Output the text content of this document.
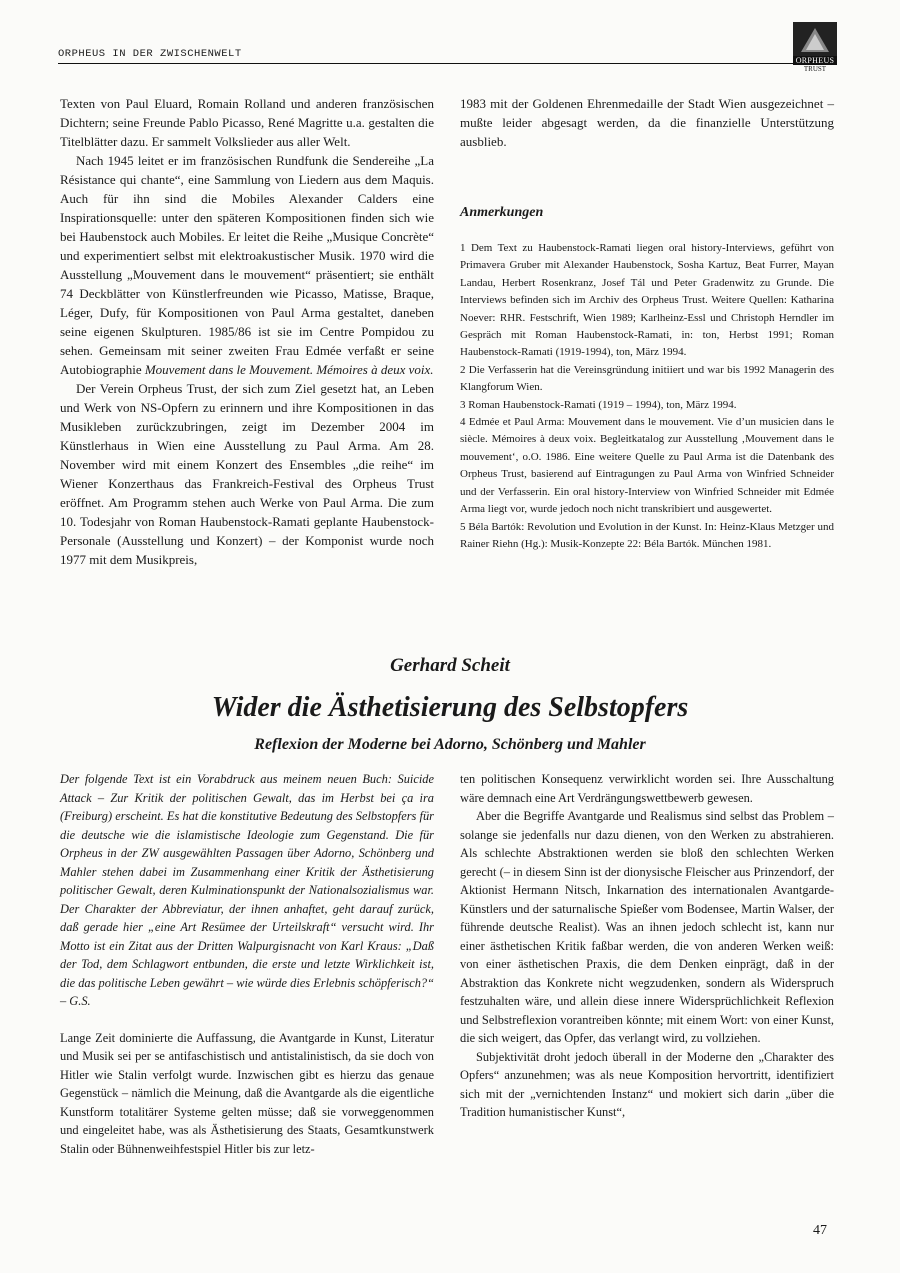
ORPHEUS IN DER ZWISCHENWELT
ORPHEUS
TRUST

Texten von Paul Eluard, Romain Rolland und anderen französischen Dichtern; seine Freunde Pablo Picasso, René Magritte u.a. gestalten die Titelblätter dazu. Er sammelt Volkslieder aus aller Welt.

Nach 1945 leitet er im französischen Rundfunk die Sendereihe „La Résistance qui chante“, eine Sammlung von Liedern aus dem Maquis. Auch für ihn sind die Mobiles Alexander Calders eine Inspirationsquelle: unter den späteren Kompositionen finden sich wie bei Haubenstock auch Mobiles. Er leitet die Reihe „Musique Concrète“ und experimentiert selbst mit elektroakustischer Musik. 1970 wird die Ausstellung „Mouvement dans le mouvement“ präsentiert; sie enthält 74 Deckblätter von Künstlerfreunden wie Picasso, Matisse, Braque, Léger, Dufy, für Kompositionen von Paul Arma gestaltet, daneben seine eigenen Skulpturen. 1985/86 ist sie im Centre Pompidou zu sehen. Gemeinsam mit seiner zweiten Frau Edmée verfaßt er seine Autobiographie Mouvement dans le Mouvement. Mémoires à deux voix.

Der Verein Orpheus Trust, der sich zum Ziel gesetzt hat, an Leben und Werk von NS-Opfern zu erinnern und ihre Kompositionen in das Musikleben zurückzubringen, zeigt im Dezember 2004 im Künstlerhaus in Wien eine Ausstellung zu Paul Arma. Am 28. November wird mit einem Konzert des Ensembles „die reihe“ im Wiener Konzerthaus das Frankreich-Festival des Orpheus Trust eröffnet. Am Programm stehen auch Werke von Paul Arma. Die zum 10. Todesjahr von Roman Haubenstock-Ramati geplante Haubenstock-Personale (Ausstellung und Konzert) – der Komponist wurde noch 1977 mit dem Musikpreis,

1983 mit der Goldenen Ehrenmedaille der Stadt Wien ausgezeichnet – mußte leider abgesagt werden, da die finanzielle Unterstützung ausblieb.

Anmerkungen

1 Dem Text zu Haubenstock-Ramati liegen oral history-Interviews, geführt von Primavera Gruber mit Alexander Haubenstock, Sosha Kartuz, Beat Furrer, Mayan Landau, Herbert Rosenkranz, Josef Tál und Peter Gradenwitz zu Grunde. Die Interviews befinden sich im Archiv des Orpheus Trust. Weitere Quellen: Katharina Noever: RHR. Festschrift, Wien 1989; Karlheinz-Essl und Christoph Herndler im Gespräch mit Roman Haubenstock-Ramati, in: ton, Herbst 1991; Roman Haubenstock-Ramati (1919-1994), ton, März 1994.

2 Die Verfasserin hat die Vereinsgründung initiiert und war bis 1992 Managerin des Klangforum Wien.

3 Roman Haubenstock-Ramati (1919 – 1994), ton, März 1994.

4 Edmée et Paul Arma: Mouvement dans le mouvement. Vie d’un musicien dans le siècle. Mémoires à deux voix. Begleitkatalog zur Ausstellung ‚Mouvement dans le mouvement‘, o.O. 1986. Eine weitere Quelle zu Paul Arma ist die Datenbank des Orpheus Trust, basierend auf Eintragungen zu Paul Arma von Winfried Schneider und der Verfasserin. Ein oral history-Interview von Winfried Schneider mit Edmée Arma liegt vor, wurde jedoch noch nicht transkribiert und ausgewertet.

5 Béla Bartók: Revolution und Evolution in der Kunst. In: Heinz-Klaus Metzger und Rainer Riehn (Hg.): Musik-Konzepte 22: Béla Bartók. München 1981.

Gerhard Scheit
Wider die Ästhetisierung des Selbstopfers
Reflexion der Moderne bei Adorno, Schönberg und Mahler

Der folgende Text ist ein Vorabdruck aus meinem neuen Buch: Suicide Attack – Zur Kritik der politischen Gewalt, das im Herbst bei ça ira (Freiburg) erscheint. Es hat die konstitutive Bedeutung des Selbstopfers für die deutsche wie die islamistische Ideologie zum Gegenstand. Die für Orpheus in der ZW ausgewählten Passagen über Adorno, Schönberg und Mahler stehen dabei im Zusammenhang einer Kritik der Ästhetisierung politischer Gewalt, deren Kulminationspunkt der Nationalsozialismus war. Der Charakter der Abbreviatur, der ihnen anhaftet, geht darauf zurück, daß gerade hier „eine Art Resümee der Urteilskraft“ versucht wird. Ihr Motto ist ein Zitat aus der Dritten Walpurgisnacht von Karl Kraus: „Daß der Tod, dem Schlagwort entbunden, die erste und letzte Wirklichkeit ist, die das politische Leben gewährt – wie würde dies Erlebnis schöpferisch?“ – G.S.

Lange Zeit dominierte die Auffassung, die Avantgarde in Kunst, Literatur und Musik sei per se antifaschistisch und antistalinistisch, da sie doch von Hitler wie Stalin verfolgt wurde. Inzwischen gibt es hierzu das genaue Gegenstück – nämlich die Meinung, daß die Avantgarde als die eigentliche Kunstform totalitärer Systeme gelten müsse; daß sie vorweggenommen und eingeleitet habe, was als Ästhetisierung des Staats, Gesamtkunstwerk Stalin oder Bühnenweihfestspiel Hitler bis zur letz-

ten politischen Konsequenz verwirklicht worden sei. Ihre Ausschaltung wäre demnach eine Art Verdrängungswettbewerb gewesen.

Aber die Begriffe Avantgarde und Realismus sind selbst das Problem – solange sie jedenfalls nur dazu dienen, von den Werken zu abstrahieren. Als schlechte Abstraktionen werden sie bloß den schlechten Werken gerecht (– in diesem Sinn ist der dionysische Fleischer aus Prinzendorf, der Aktionist Hermann Nitsch, Inkarnation des internationalen Avantgarde-Künstlers und der saturnalische Spießer vom Bodensee, Martin Walser, der führende deutsche Realist). Was an ihnen jedoch schlecht ist, kann nur einer ästhetischen Kritik faßbar werden, die von anderen Werken weiß: von einer ästhetischen Praxis, die dem Denken einprägt, daß in der Abstraktion das Konkrete nicht wegzudenken, sondern als Widerspruch festzuhalten wäre, und allein diese innere Widersprüchlichkeit Reflexion und Selbstreflexion vorantreiben könnte; mit einem Wort: von einer Kunst, die sich weigert, das Opfer, das verlangt wird, zu vollziehen.

Subjektivität droht jedoch überall in der Moderne den „Charakter des Opfers“ anzunehmen; was als neue Komposition hervortritt, identifiziert sich mit der „vernichtenden Instanz“ und mokiert sich darin „über die Tradition humanistischer Kunst“,

47
